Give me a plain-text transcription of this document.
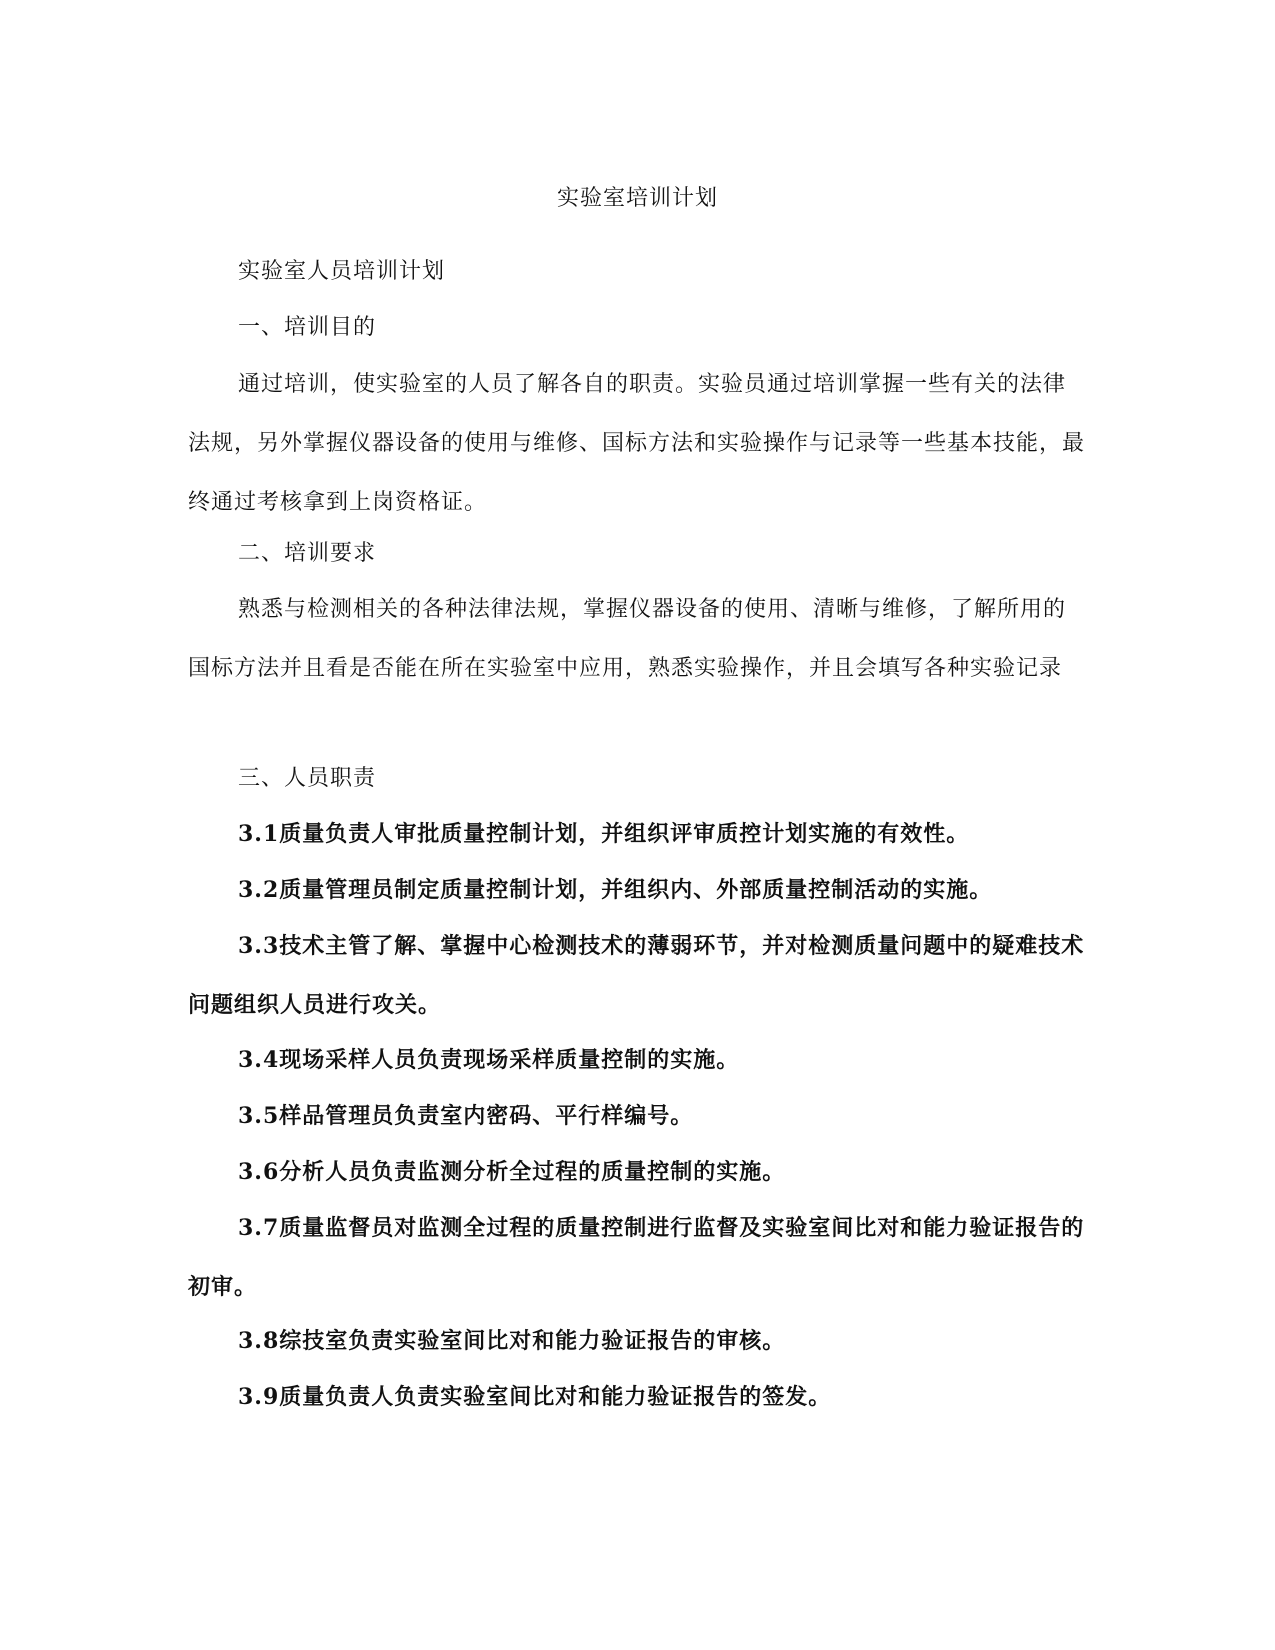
实验室培训计划

实验室人员培训计划

一、培训目的

通过培训，使实验室的人员了解各自的职责。实验员通过培训掌握一些有关的法律法规，另外掌握仪器设备的使用与维修、国标方法和实验操作与记录等一些基本技能，最终通过考核拿到上岗资格证。

二、培训要求

熟悉与检测相关的各种法律法规，掌握仪器设备的使用、清晰与维修，了解所用的国标方法并且看是否能在所在实验室中应用，熟悉实验操作，并且会填写各种实验记录

三、人员职责

3.1质量负责人审批质量控制计划，并组织评审质控计划实施的有效性。

3.2质量管理员制定质量控制计划，并组织内、外部质量控制活动的实施。

3.3技术主管了解、掌握中心检测技术的薄弱环节，并对检测质量问题中的疑难技术问题组织人员进行攻关。

3.4现场采样人员负责现场采样质量控制的实施。

3.5样品管理员负责室内密码、平行样编号。

3.6分析人员负责监测分析全过程的质量控制的实施。

3.7质量监督员对监测全过程的质量控制进行监督及实验室间比对和能力验证报告的初审。

3.8综技室负责实验室间比对和能力验证报告的审核。

3.9质量负责人负责实验室间比对和能力验证报告的签发。
